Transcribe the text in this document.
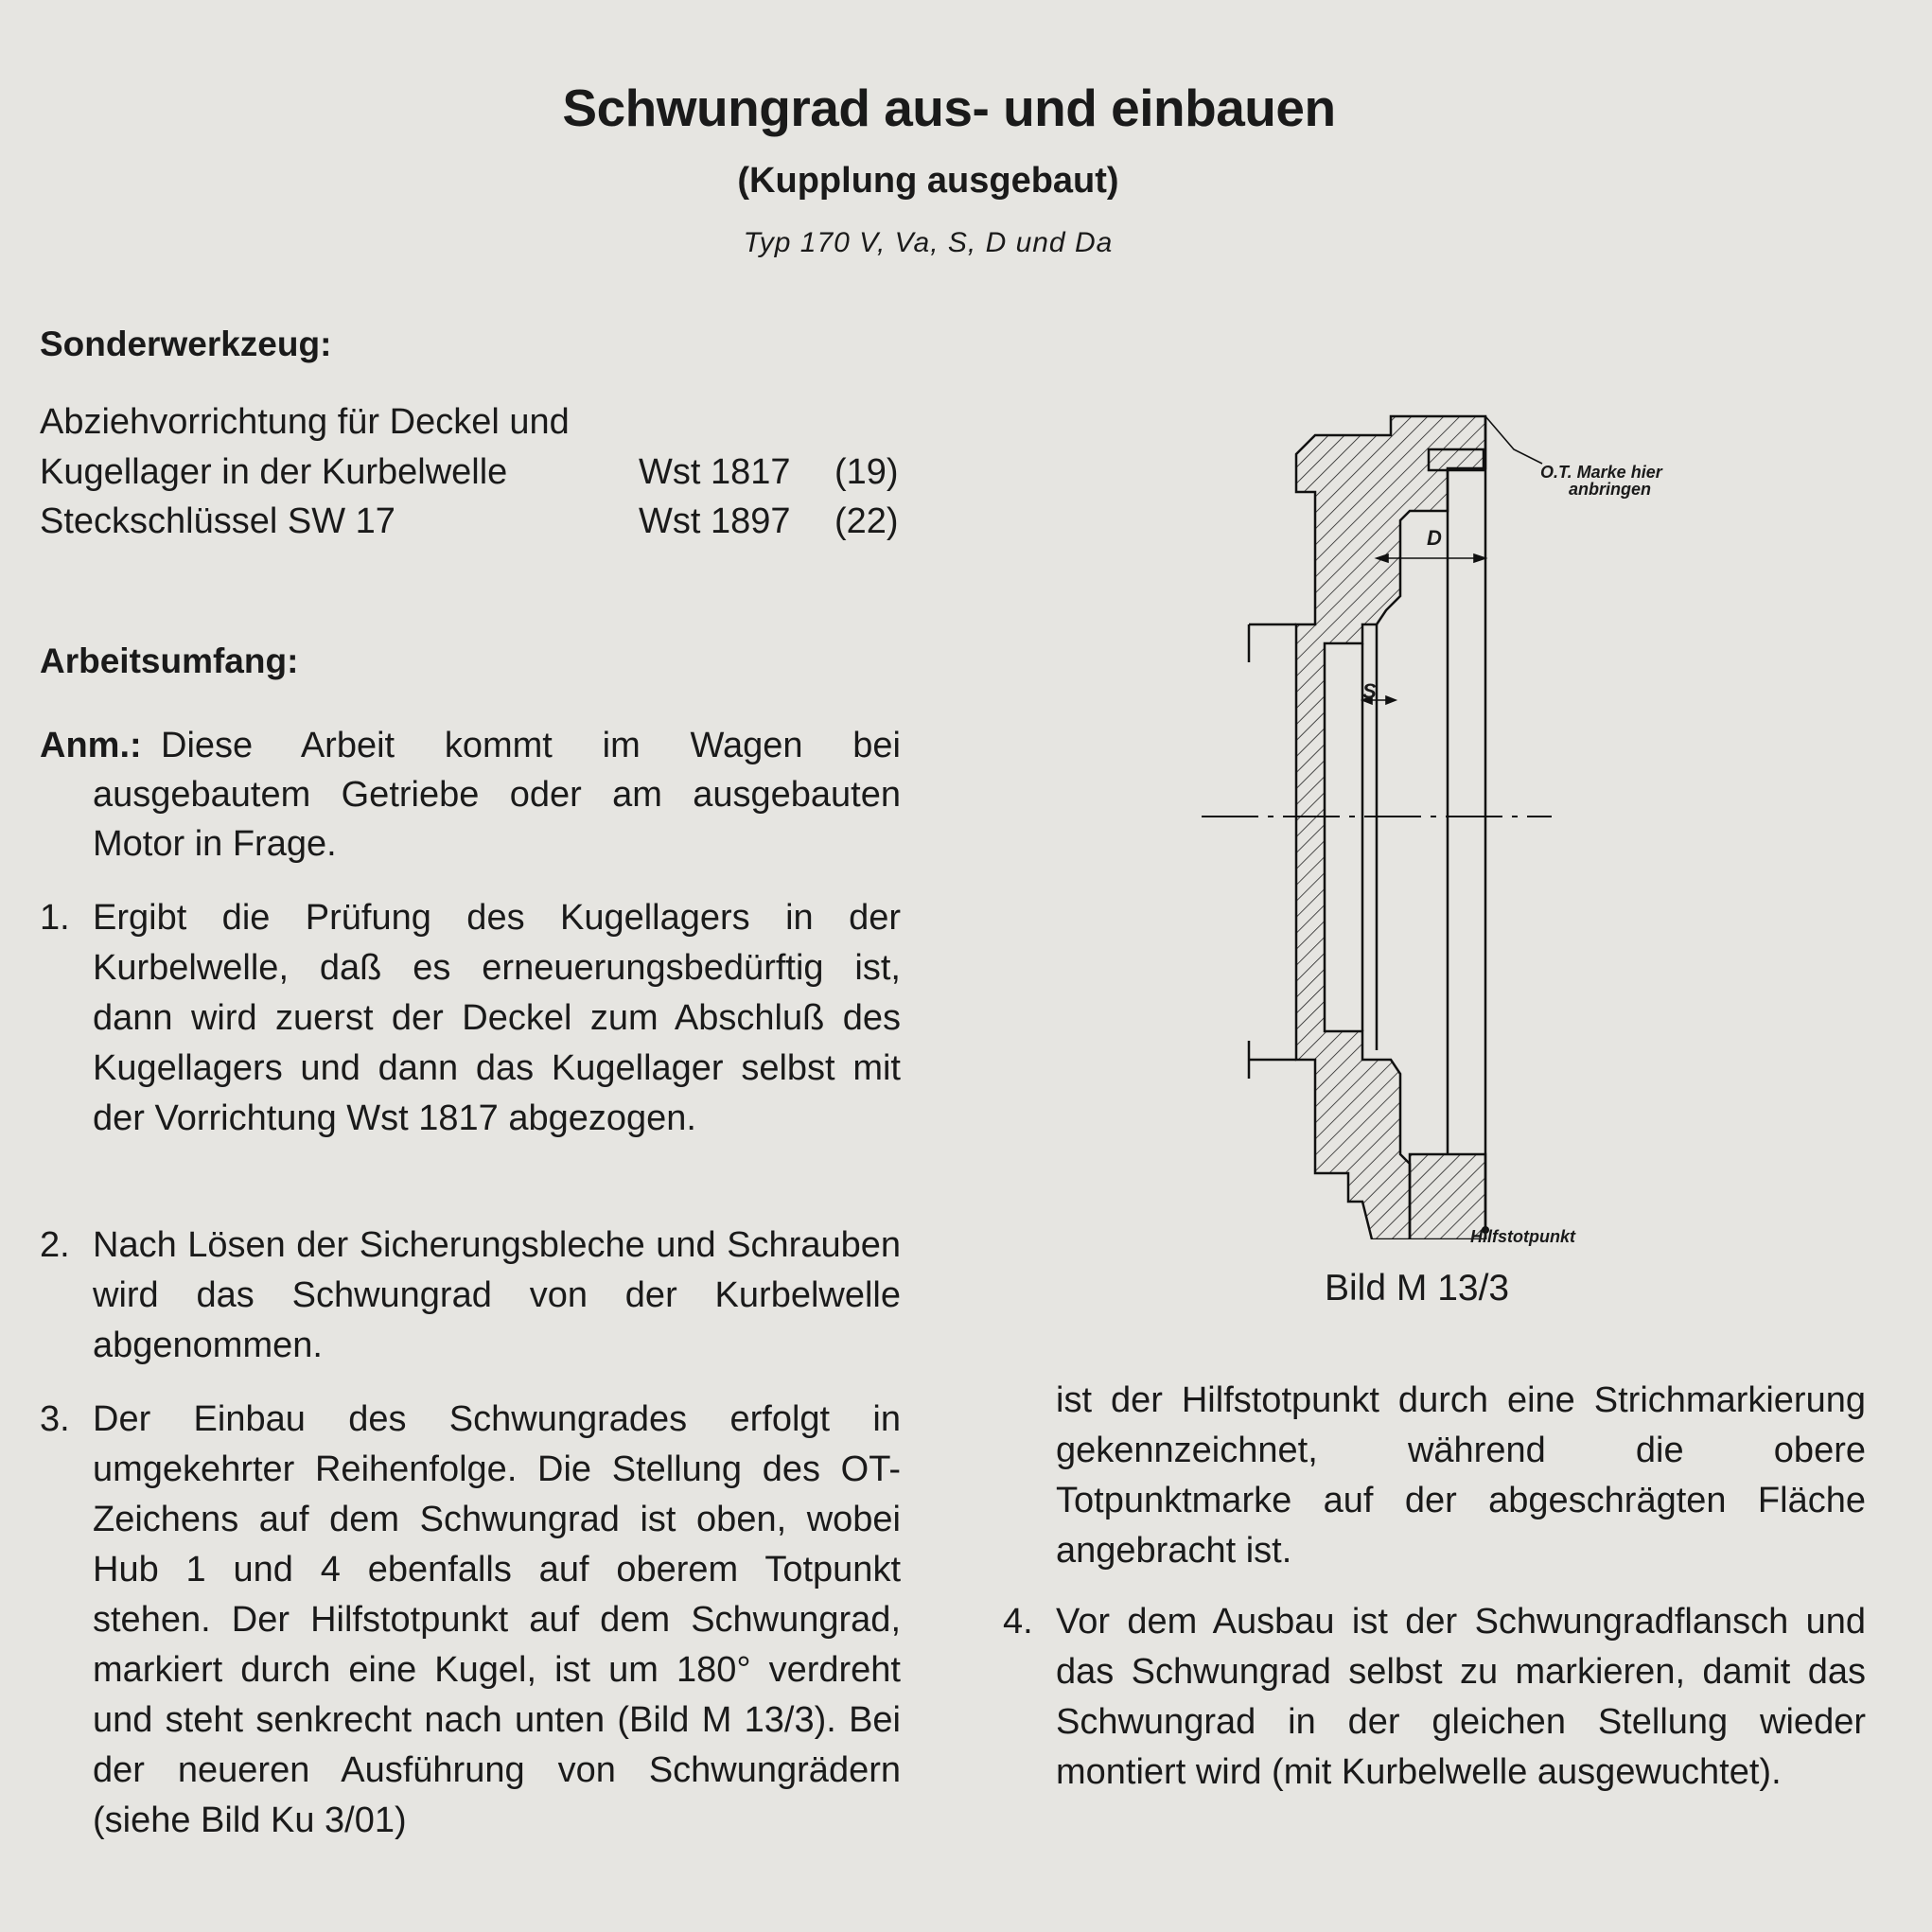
Schwungrad aus- und einbauen
(Kupplung ausgebaut)
Typ 170 V, Va, S, D und Da
Sonderwerkzeug:
Abziehvorrichtung für Deckel und
Kugellager in der Kurbelwelle	Wst 1817 (19)
Steckschlüssel SW 17	Wst 1897 (22)
Arbeitsumfang:
Anm.: Diese Arbeit kommt im Wagen bei ausgebautem Getriebe oder am ausgebauten Motor in Frage.
1. Ergibt die Prüfung des Kugellagers in der Kurbelwelle, daß es erneuerungsbedürftig ist, dann wird zuerst der Deckel zum Abschluß des Kugellagers und dann das Kugellager selbst mit der Vorrichtung Wst 1817 abgezogen.
2. Nach Lösen der Sicherungsbleche und Schrauben wird das Schwungrad von der Kurbelwelle abgenommen.
3. Der Einbau des Schwungrades erfolgt in umgekehrter Reihenfolge. Die Stellung des OT-Zeichens auf dem Schwungrad ist oben, wobei Hub 1 und 4 ebenfalls auf oberem Totpunkt stehen. Der Hilfstotpunkt auf dem Schwungrad, markiert durch eine Kugel, ist um 180° verdreht und steht senkrecht nach unten (Bild M 13/3). Bei der neueren Ausführung von Schwungrädern (siehe Bild Ku 3/01)
ist der Hilfstotpunkt durch eine Strichmarkierung gekennzeichnet, während die obere Totpunktmarke auf der abgeschrägten Fläche angebracht ist.
4. Vor dem Ausbau ist der Schwungradflansch und das Schwungrad selbst zu markieren, damit das Schwungrad in der gleichen Stellung wieder montiert wird (mit Kurbelwelle ausgewuchtet).
O.T. Marke hier
anbringen
D
S
Hilfstotpunkt
Bild M 13/3
